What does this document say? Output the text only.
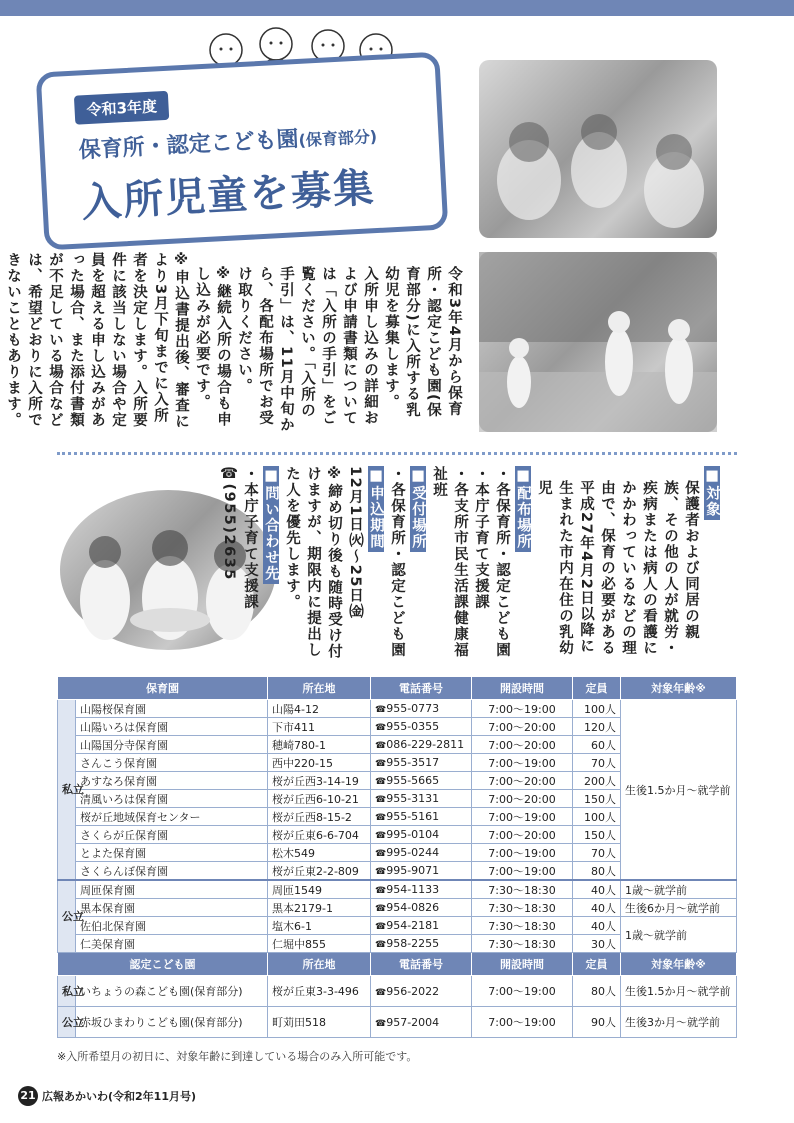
令和3年度
保育所・認定こども園(保育部分)
入所児童を募集

令和3年4月から保育所・認定こども園(保育部分)に入所する乳幼児を募集します。

入所申し込みの詳細および申請書類については「入所の手引」をご覧ください。「入所の手引」は、11月中旬から、各配布場所でお受け取りください。

※継続入所の場合も申し込みが必要です。

※申込書提出後、審査により3月下旬までに入所者を決定します。入所要件に該当しない場合や定員を超える申し込みがあった場合、また添付書類が不足している場合などは、希望どおりに入所できないこともあります。

■対象

保護者および同居の親族、その他の人が就労・疾病または病人の看護にかかわっているなどの理由で、保育の必要がある平成27年4月2日以降に生まれた市内在住の乳幼児

■配布場所

・各保育所・認定こども園

・本庁子育て支援課

・各支所市民生活課健康福祉班

■受付場所

・各保育所・認定こども園

■申込期間

12月1日㈫〜25日㈮

※締め切り後も随時受け付けますが、期限内に提出した人を優先します。

■問い合わせ先

・本庁子育て支援課

☎(955)2635

保育園		所在地	電話番号	開設時間	定員	対象年齢※
私立	山陽桜保育園	山陽4-12	☎955-0773	7:00〜19:00	100人	生後1.5か月〜就学前
	山陽いろは保育園	下市411	☎955-0355	7:00〜20:00	120人	
	山陽国分寺保育園	穂崎780-1	☎086-229-2811	7:00〜20:00	60人	
	さんこう保育園	西中220-15	☎955-3517	7:00〜19:00	70人	
	あすなろ保育園	桜が丘西3-14-19	☎955-5665	7:00〜20:00	200人	
	清風いろは保育園	桜が丘西6-10-21	☎955-3131	7:00〜20:00	150人	
	桜が丘地域保育センター	桜が丘西8-15-2	☎955-5161	7:00〜19:00	100人	
	さくらが丘保育園	桜が丘東6-6-704	☎995-0104	7:00〜20:00	150人	
	とよた保育園	松木549	☎995-0244	7:00〜19:00	70人	
	さくらんぼ保育園	桜が丘東2-2-809	☎995-9071	7:00〜19:00	80人	
公立	周匝保育園	周匝1549	☎954-1133	7:30〜18:30	40人	1歳〜就学前
	黒本保育園	黒本2179-1	☎954-0826	7:30〜18:30	40人	生後6か月〜就学前
	佐伯北保育園	塩木6-1	☎954-2181	7:30〜18:30	40人	1歳〜就学前
	仁美保育園	仁堀中855	☎958-2255	7:30〜18:30	30人	
認定こども園		所在地	電話番号	開設時間	定員	対象年齢※
私立	いちょうの森こども園(保育部分)	桜が丘東3-3-496	☎956-2022	7:00〜19:00	80人	生後1.5か月〜就学前
公立	赤坂ひまわりこども園(保育部分)	町苅田518	☎957-2004	7:00〜19:00	90人	生後3か月〜就学前
※入所希望月の初日に、対象年齢に到達している場合のみ入所可能です。
21 広報あかいわ(令和2年11月号)
